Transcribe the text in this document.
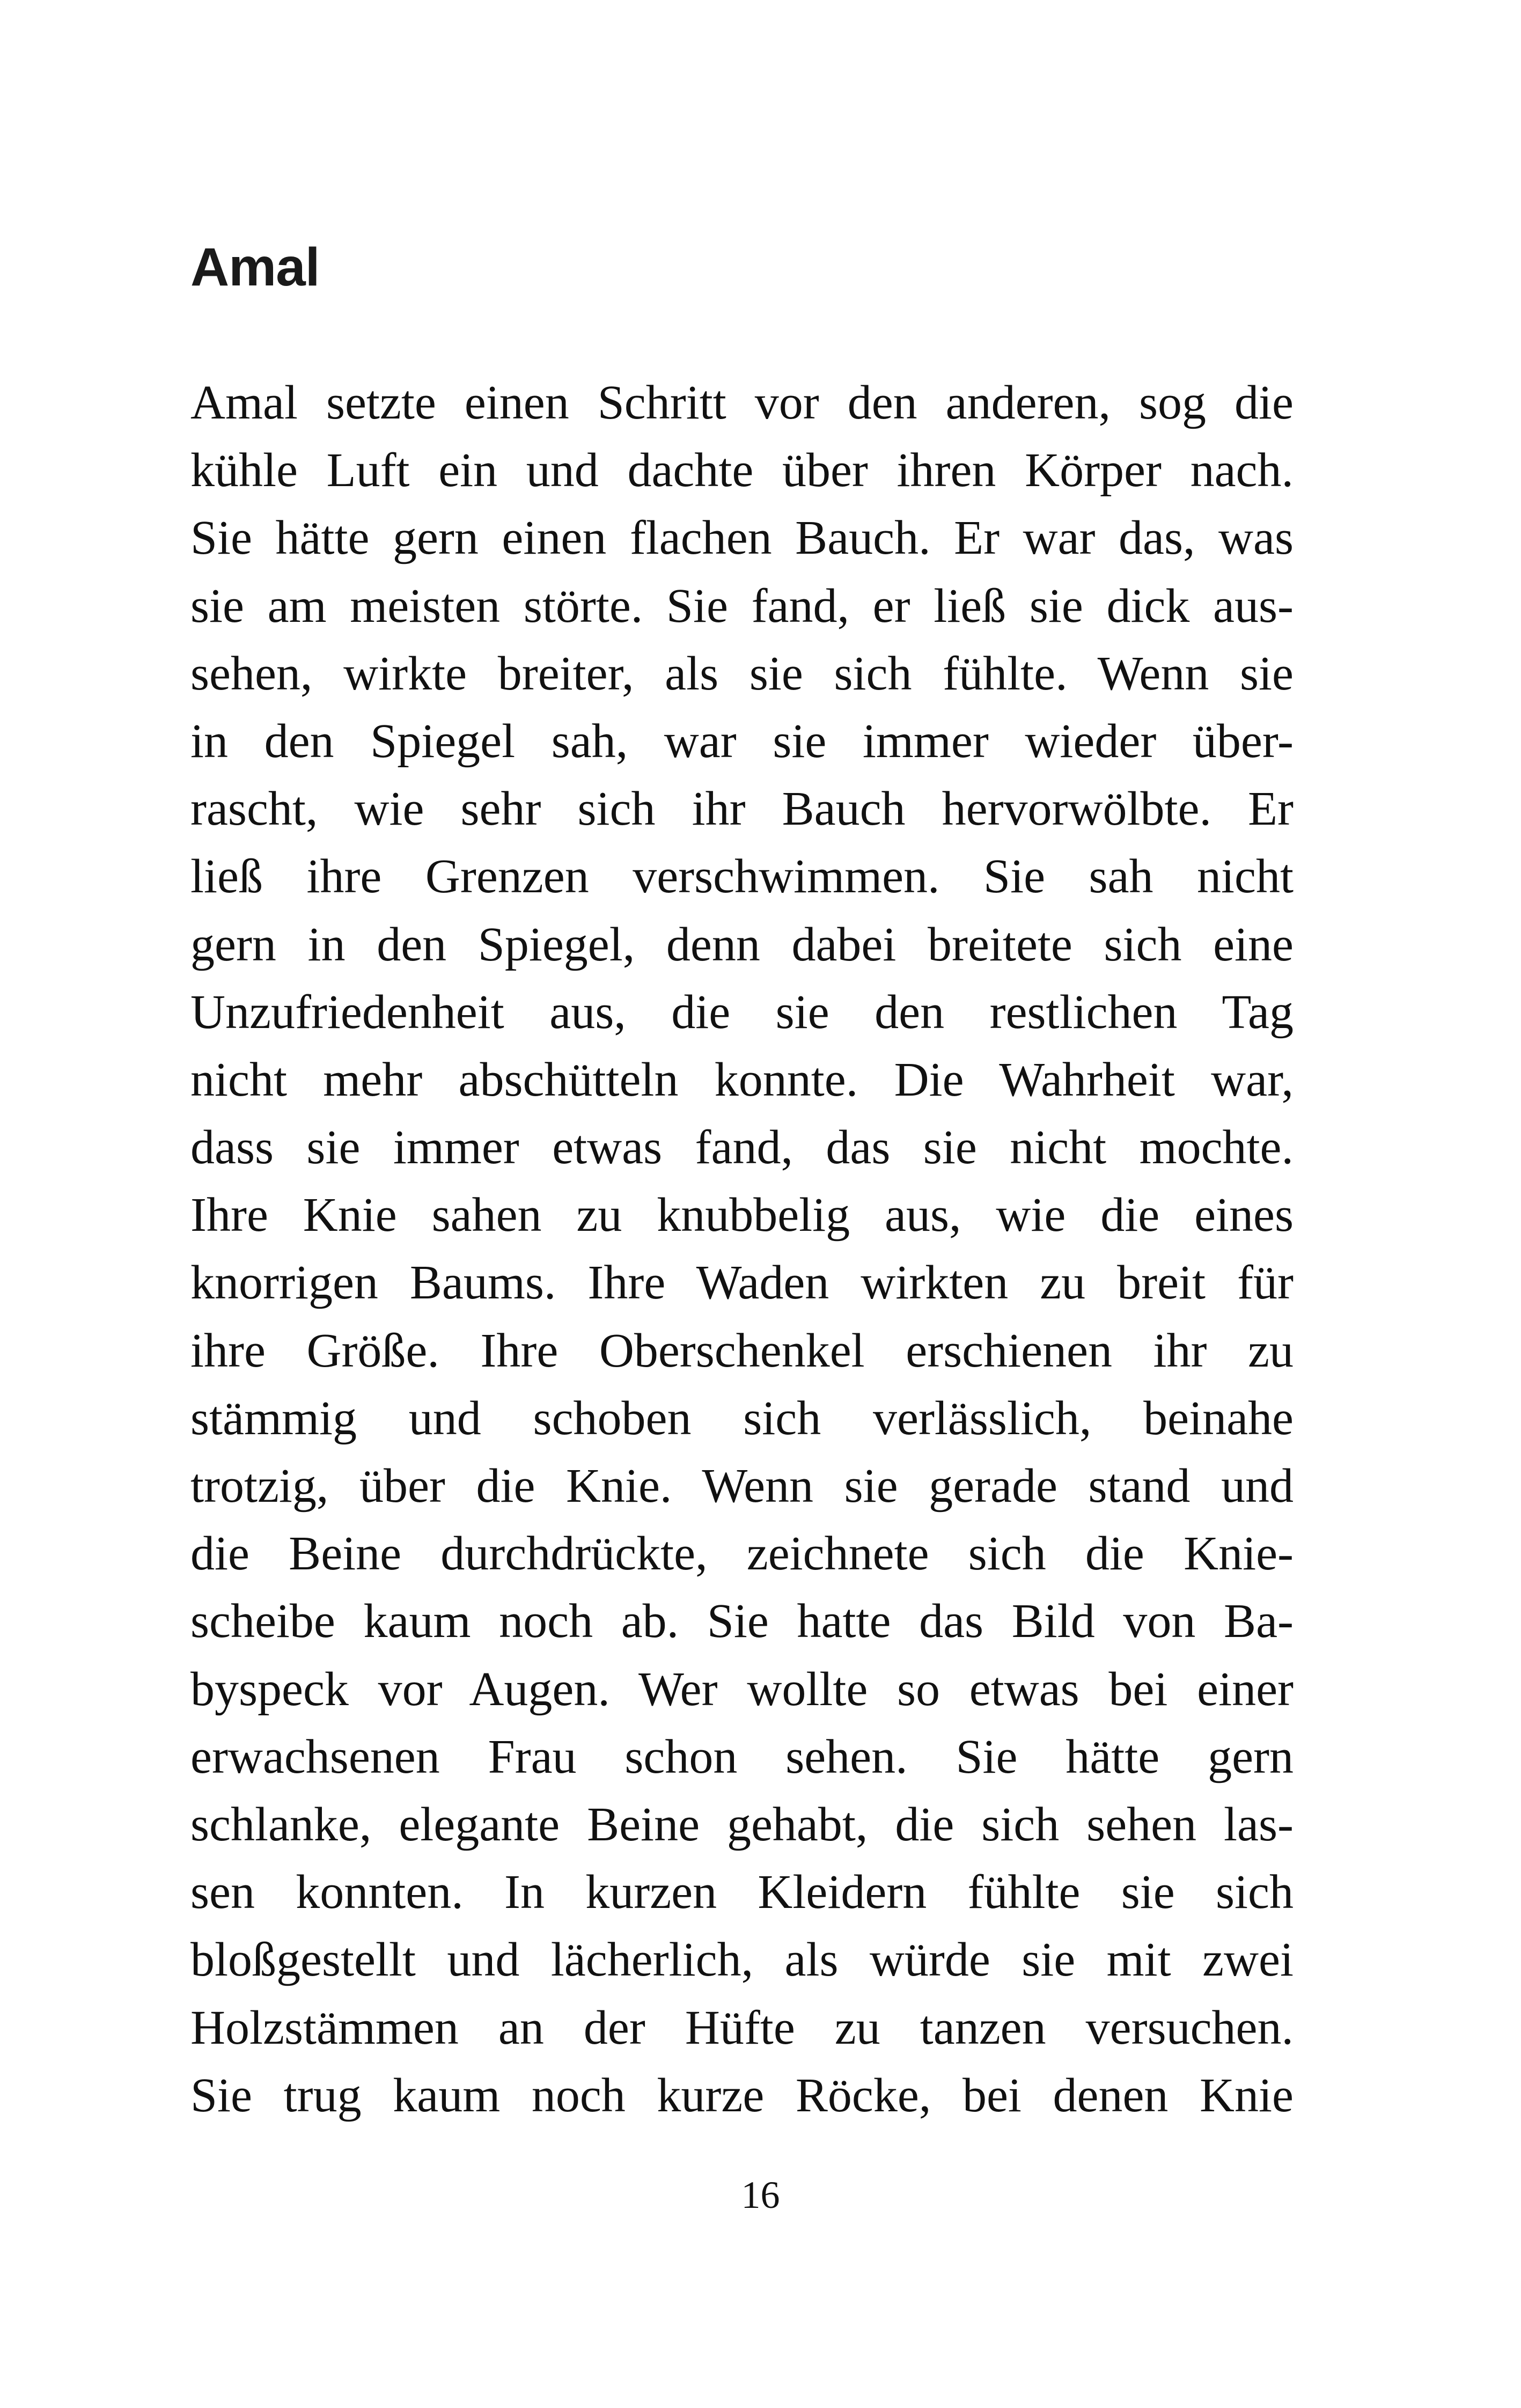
Amal
Amal setzte einen Schritt vor den anderen, sog die
kühle Luft ein und dachte über ihren Körper nach.
Sie hätte gern einen flachen Bauch. Er war das, was
sie am meisten störte. Sie fand, er ließ sie dick aus-
sehen, wirkte breiter, als sie sich fühlte. Wenn sie
in den Spiegel sah, war sie immer wieder über-
rascht, wie sehr sich ihr Bauch hervorwölbte. Er
ließ ihre Grenzen verschwimmen. Sie sah nicht
gern in den Spiegel, denn dabei breitete sich eine
Unzufriedenheit aus, die sie den restlichen Tag
nicht mehr abschütteln konnte. Die Wahrheit war,
dass sie immer etwas fand, das sie nicht mochte.
Ihre Knie sahen zu knubbelig aus, wie die eines
knorrigen Baums. Ihre Waden wirkten zu breit für
ihre Größe. Ihre Oberschenkel erschienen ihr zu
stämmig und schoben sich verlässlich, beinahe
trotzig, über die Knie. Wenn sie gerade stand und
die Beine durchdrückte, zeichnete sich die Knie-
scheibe kaum noch ab. Sie hatte das Bild von Ba-
byspeck vor Augen. Wer wollte so etwas bei einer
erwachsenen Frau schon sehen. Sie hätte gern
schlanke, elegante Beine gehabt, die sich sehen las-
sen konnten. In kurzen Kleidern fühlte sie sich
bloßgestellt und lächerlich, als würde sie mit zwei
Holzstämmen an der Hüfte zu tanzen versuchen.
Sie trug kaum noch kurze Röcke, bei denen Knie
16
